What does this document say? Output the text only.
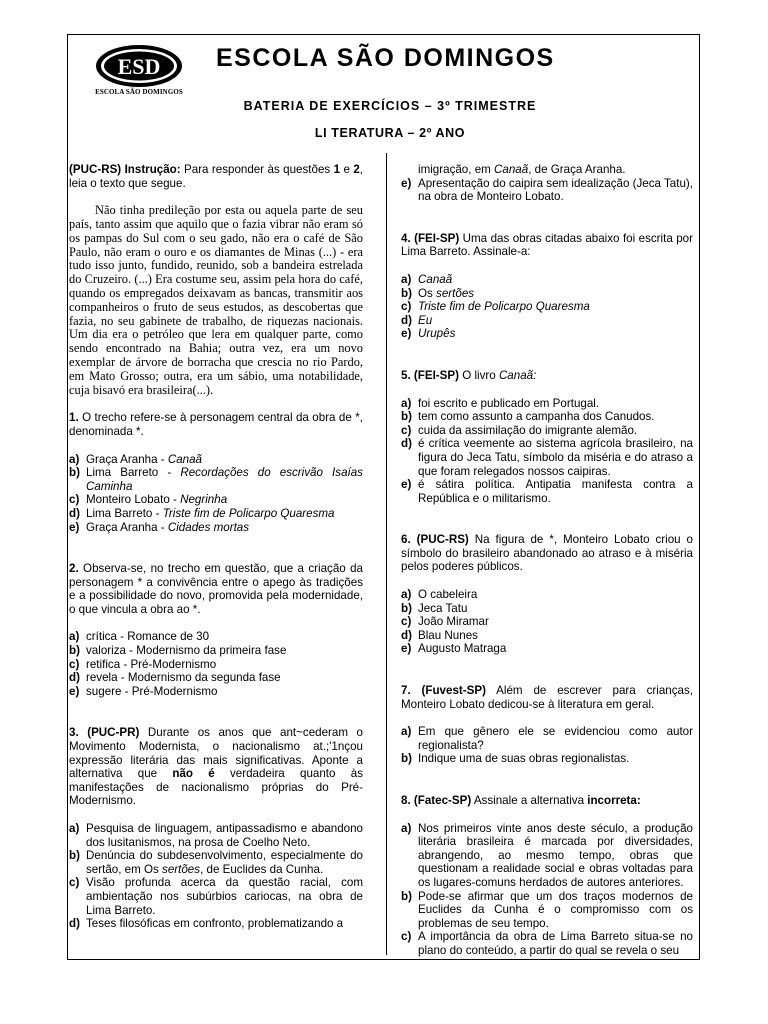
ESD
ESCOLA SÃO DOMINGOS
ESCOLA SÃO DOMINGOS
BATERIA DE EXERCÍCIOS – 3º TRIMESTRE
LI TERATURA – 2º ANO

(PUC-RS) Instrução: Para responder às questões 1 e 2, leia o texto que segue.

Não tinha predileção por esta ou aquela parte de seu país, tanto assim que aquilo que o fazia vibrar não eram só os pampas do Sul com o seu gado, não era o café de São Paulo, não eram o ouro e os diamantes de Minas (...) - era tudo isso junto, fundido, reunido, sob a bandeira estrelada do Cruzeiro. (...) Era costume seu, assim pela hora do café, quando os empregados deixavam as bancas, transmitir aos companheiros o fruto de seus estudos, as descobertas que fazia, no seu gabinete de trabalho, de riquezas nacionais. Um dia era o petróleo que lera em qualquer parte, como sendo encontrado na Bahia; outra vez, era um novo exemplar de árvore de borracha que crescia no rio Pardo, em Mato Grosso; outra, era um sábio, uma notabilidade, cuja bisavó era brasileira(...).

1. O trecho refere-se à personagem central da obra de *, denominada *.

a) Graça Aranha - Canaã
b) Lima Barreto - Recordações do escrivão Isaías Caminha
c) Monteiro Lobato - Negrinha
d) Lima Barreto - Triste fim de Policarpo Quaresma
e) Graça Aranha - Cidades mortas

2. Observa-se, no trecho em questão, que a criação da personagem * a convivência entre o apego às tradições e a possibilidade do novo, promovida pela modernidade, o que vincula a obra ao *.

a) crítica - Romance de 30
b) valoriza - Modernismo da primeira fase
c) retifica - Pré-Modernismo
d) revela - Modernismo da segunda fase
e) sugere - Pré-Modernismo

3. (PUC-PR) Durante os anos que ant~cederam o Movimento Modernista, o nacionalismo at.;'1nçou expressão literária das mais significativas. Aponte a alternativa que não é verdadeira quanto às manifestações de nacionalismo próprias do Pré-Modernismo.

a) Pesquisa de linguagem, antipassadismo e abandono dos lusitanismos, na prosa de Coelho Neto.
b) Denúncia do subdesenvolvimento, especialmente do sertão, em Os sertões, de Euclides da Cunha.
c) Visão profunda acerca da questão racial, com ambientação nos subúrbios cariocas, na obra de Lima Barreto.
d) Teses filosóficas em confronto, problematizando a
imigração, em Canaã, de Graça Aranha.
e) Apresentação do caipira sem idealização (Jeca Tatu), na obra de Monteiro Lobato.

4. (FEI-SP) Uma das obras citadas abaixo foi escrita por Lima Barreto. Assinale-a:

a) Canaã
b) Os sertões
c) Triste fim de Policarpo Quaresma
d) Eu
e) Urupês

5. (FEI-SP) O livro Canaã:

a) foi escrito e publicado em Portugal.
b) tem como assunto a campanha dos Canudos.
c) cuida da assimilação do imigrante alemão.
d) é crítica veemente ao sistema agrícola brasileiro, na figura do Jeca Tatu, símbolo da miséria e do atraso a que foram relegados nossos caipiras.
e) é sátira política. Antipatia manifesta contra a República e o militarismo.

6. (PUC-RS) Na figura de *, Monteiro Lobato criou o símbolo do brasileiro abandonado ao atraso e à miséria pelos poderes públicos.

a) O cabeleira
b) Jeca Tatu
c) João Miramar
d) Blau Nunes
e) Augusto Matraga

7. (Fuvest-SP) Além de escrever para crianças, Monteiro Lobato dedicou-se à literatura em geral.

a) Em que gênero ele se evidenciou como autor regionalista?
b) Indique uma de suas obras regionalistas.

8. (Fatec-SP) Assinale a alternativa incorreta:

a) Nos primeiros vinte anos deste século, a produção literária brasileira é marcada por diversidades, abrangendo, ao mesmo tempo, obras que questionam a realidade social e obras voltadas para os lugares-comuns herdados de autores anteriores.
b) Pode-se afirmar que um dos traços modernos de Euclides da Cunha é o compromisso com os problemas de seu tempo.
c) A importância da obra de Lima Barreto situa-se no plano do conteúdo, a partir do qual se revela o seu
